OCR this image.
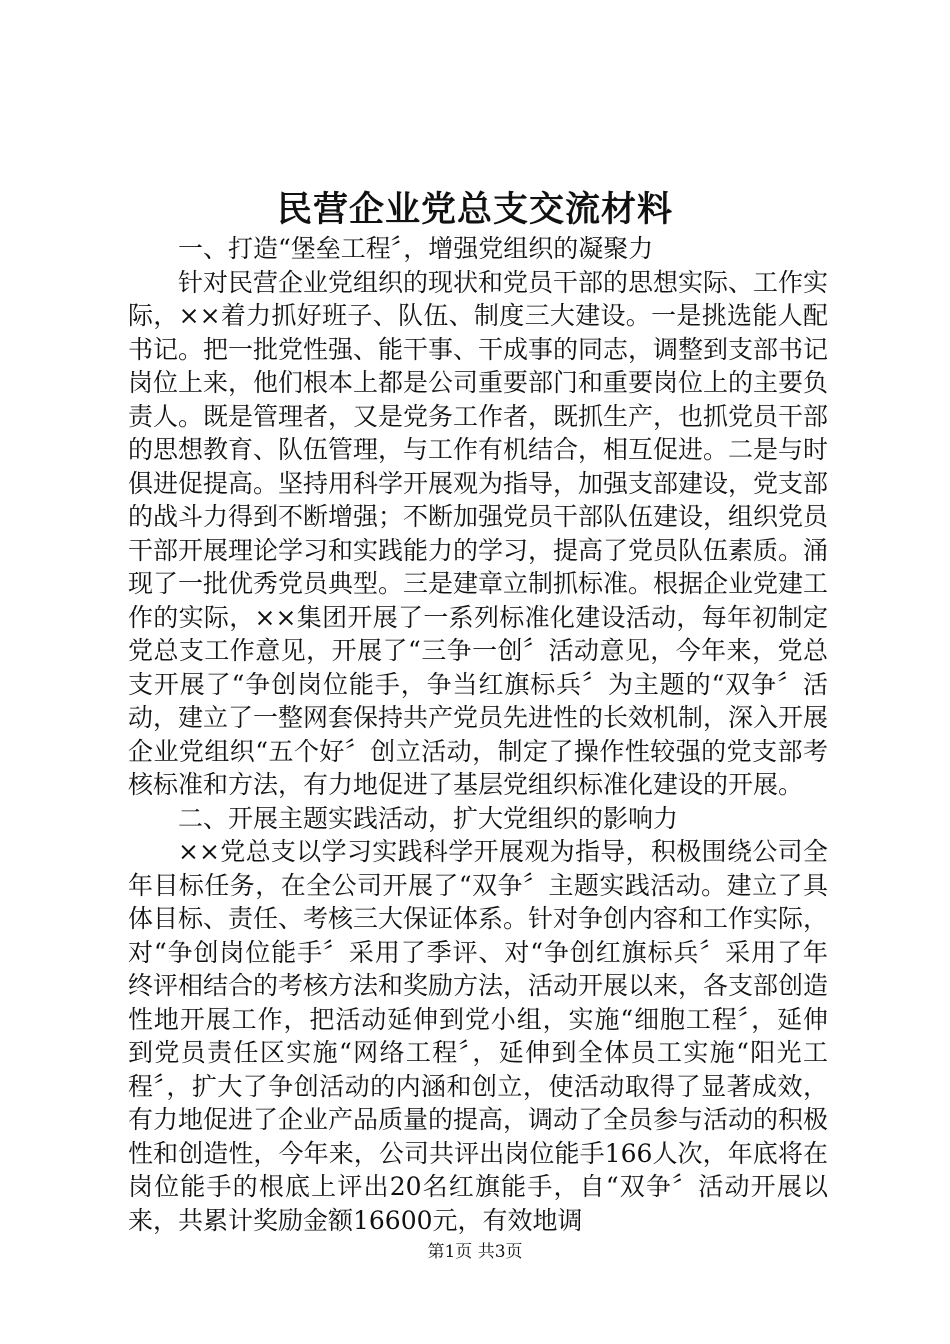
民营企业党总支交流材料

一、打造“堡垒工程〞，增强党组织的凝聚力

针对民营企业党组织的现状和党员干部的思想实际、工作实际，××着力抓好班子、队伍、制度三大建设。一是挑选能人配书记。把一批党性强、能干事、干成事的同志，调整到支部书记岗位上来，他们根本上都是公司重要部门和重要岗位上的主要负责人。既是管理者，又是党务工作者，既抓生产，也抓党员干部的思想教育、队伍管理，与工作有机结合，相互促进。二是与时俱进促提高。坚持用科学开展观为指导，加强支部建设，党支部的战斗力得到不断增强；不断加强党员干部队伍建设，组织党员干部开展理论学习和实践能力的学习，提高了党员队伍素质。涌现了一批优秀党员典型。三是建章立制抓标准。根据企业党建工作的实际，××集团开展了一系列标准化建设活动，每年初制定党总支工作意见，开展了“三争一创〞活动意见，今年来，党总支开展了“争创岗位能手，争当红旗标兵〞为主题的“双争〞活动，建立了一整网套保持共产党员先进性的长效机制，深入开展企业党组织“五个好〞创立活动，制定了操作性较强的党支部考核标准和方法，有力地促进了基层党组织标准化建设的开展。

二、开展主题实践活动，扩大党组织的影响力

××党总支以学习实践科学开展观为指导，积极围绕公司全年目标任务，在全公司开展了“双争〞主题实践活动。建立了具体目标、责任、考核三大保证体系。针对争创内容和工作实际，对“争创岗位能手〞采用了季评、对“争创红旗标兵〞采用了年终评相结合的考核方法和奖励方法，活动开展以来，各支部创造性地开展工作，把活动延伸到党小组，实施“细胞工程〞，延伸到党员责任区实施“网络工程〞，延伸到全体员工实施“阳光工程〞，扩大了争创活动的内涵和创立，使活动取得了显著成效，有力地促进了企业产品质量的提高，调动了全员参与活动的积极性和创造性，今年来，公司共评出岗位能手166人次，年底将在岗位能手的根底上评出20名红旗能手，自“双争〞活动开展以来，共累计奖励金额16600元，有效地调

第1页 共3页
